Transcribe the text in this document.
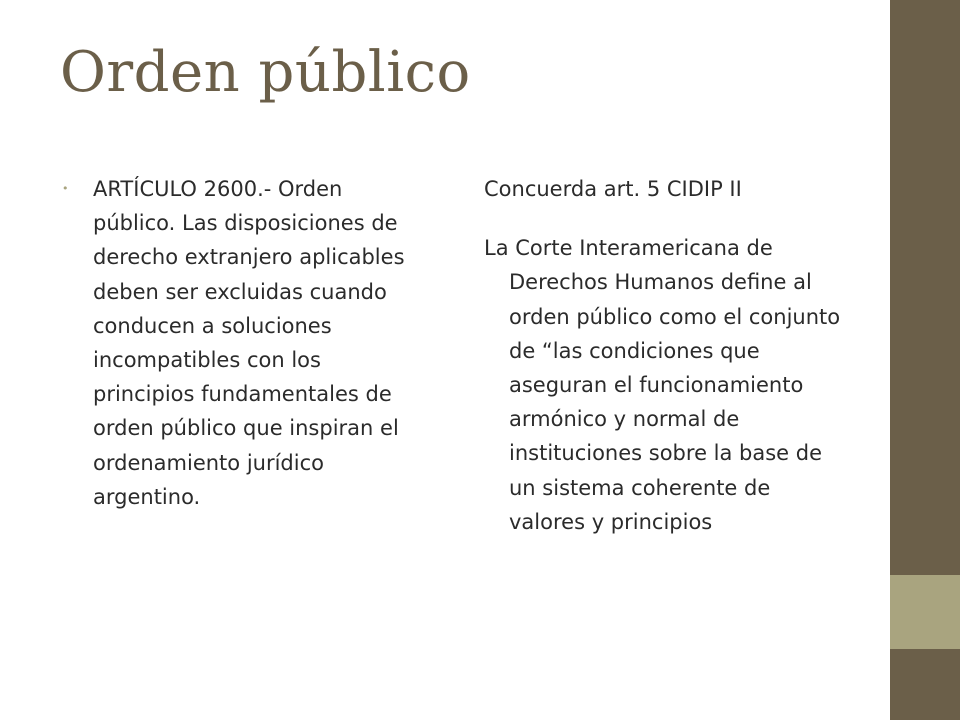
Orden público
• ARTÍCULO 2600.- Orden público. Las disposiciones de derecho extranjero aplicables deben ser excluidas cuando conducen a soluciones incompatibles con los principios fundamentales de orden público que inspiran el ordenamiento jurídico argentino.

Concuerda art. 5 CIDIP II

La Corte Interamericana de Derechos Humanos define al orden público como el conjunto de “las condiciones que aseguran el funcionamiento armónico y normal de instituciones sobre la base de un sistema coherente de valores y principios
